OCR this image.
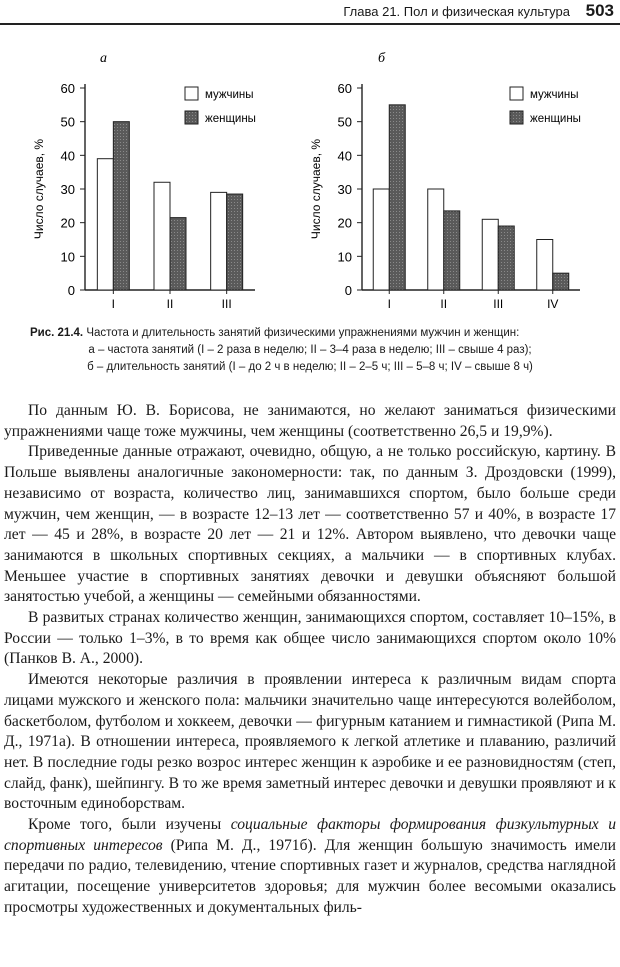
Глава 21. Пол и физическая культура 503
а
0
10
20
30
40
50
60
Число случаев, %
I	II	III
мужчины
женщины
б
0
10
20
30
40
50
60
Число случаев, %
I	II	III	IV
мужчины
женщины
Рис. 21.4. Частота и длительность занятий физическими упражнениями мужчин и женщин:
а – частота занятий (I – 2 раза в неделю; II – 3–4 раза в неделю; III – свыше 4 раз);
б – длительность занятий (I – до 2 ч в неделю; II – 2–5 ч; III – 5–8 ч; IV – свыше 8 ч)

По данным Ю. В. Борисова, не занимаются, но желают заниматься физическими упражнениями чаще тоже мужчины, чем женщины (соответственно 26,5 и 19,9%).

Приведенные данные отражают, очевидно, общую, а не только российскую, картину. В Польше выявлены аналогичные закономерности: так, по данным З. Дроздовски (1999), независимо от возраста, количество лиц, занимавшихся спортом, было больше среди мужчин, чем женщин, — в возрасте 12–13 лет — соответственно 57 и 40%, в возрасте 17 лет — 45 и 28%, в возрасте 20 лет — 21 и 12%. Автором выявлено, что девочки чаще занимаются в школьных спортивных секциях, а мальчики — в спортивных клубах. Меньшее участие в спортивных занятиях девочки и девушки объясняют большой занятостью учебой, а женщины — семейными обязанностями.

В развитых странах количество женщин, занимающихся спортом, составляет 10–15%, в России — только 1–3%, в то время как общее число занимающихся спортом около 10% (Панков В. А., 2000).

Имеются некоторые различия в проявлении интереса к различным видам спорта лицами мужского и женского пола: мальчики значительно чаще интересуются волейболом, баскетболом, футболом и хоккеем, девочки — фигурным катанием и гимнастикой (Рипа М. Д., 1971а). В отношении интереса, проявляемого к легкой атлетике и плаванию, различий нет. В последние годы резко возрос интерес женщин к аэробике и ее разновидностям (степ, слайд, фанк), шейпингу. В то же время заметный интерес девочки и девушки проявляют и к восточным единоборствам.

Кроме того, были изучены социальные факторы формирования физкультурных и спортивных интересов (Рипа М. Д., 1971б). Для женщин большую значимость имели передачи по радио, телевидению, чтение спортивных газет и журналов, средства наглядной агитации, посещение университетов здоровья; для мужчин более весомыми оказались просмотры художественных и документальных филь-
